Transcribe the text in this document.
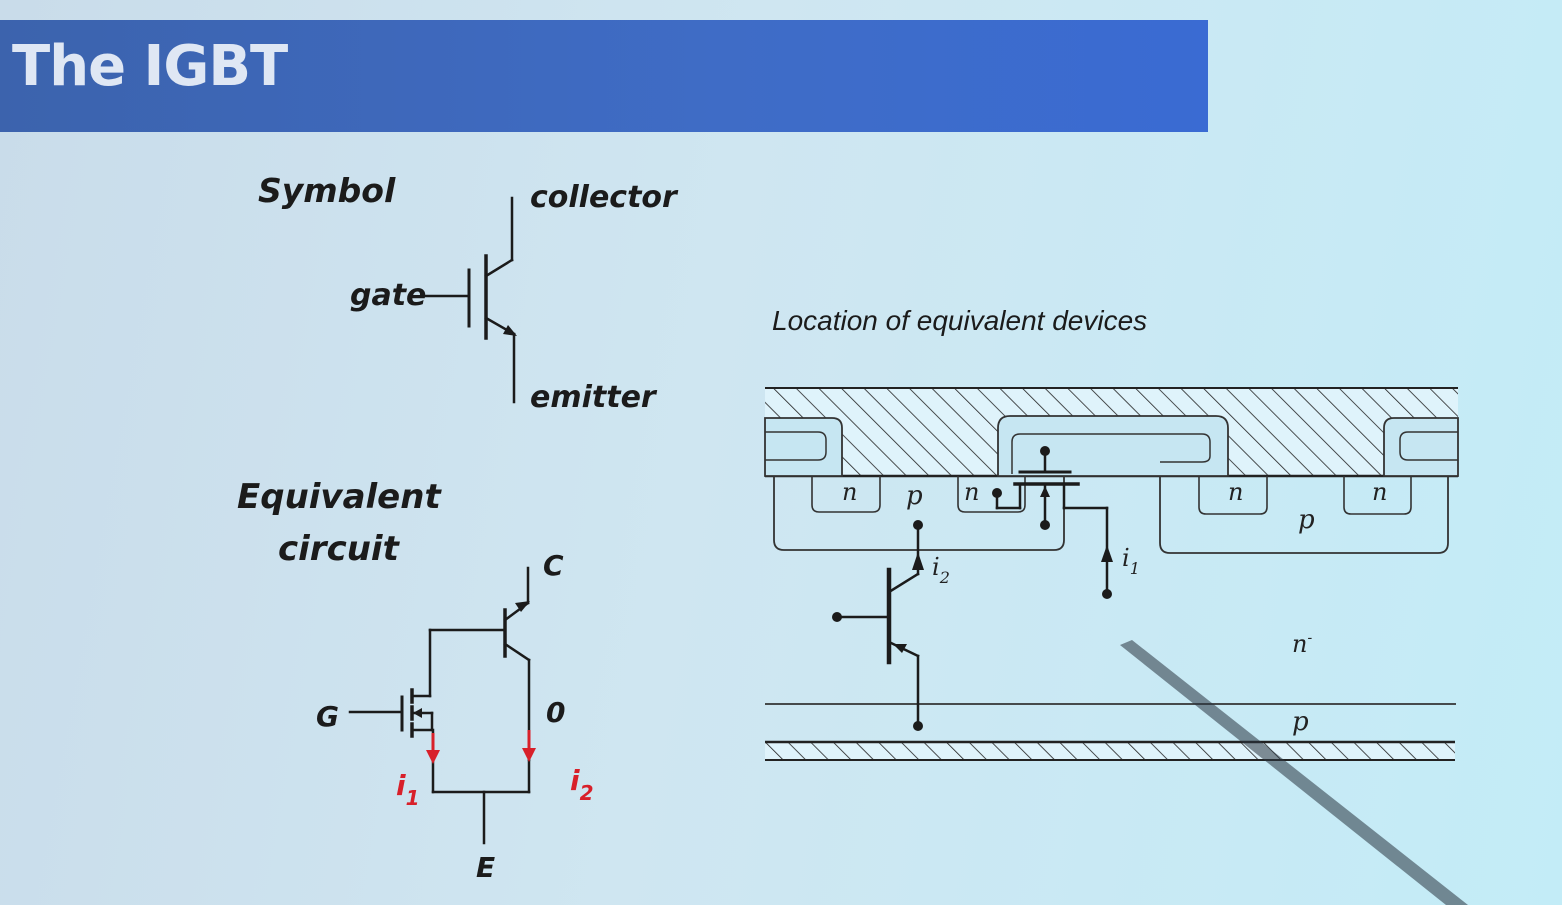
The IGBT
Symbol	collector
gate
emitter
Equivalent
circuit	C
G
E
0
$i_1$
$i_2$
Location of equivalent devices
n p n	n	n
p
n-
p
$i_2$
$i_1$
